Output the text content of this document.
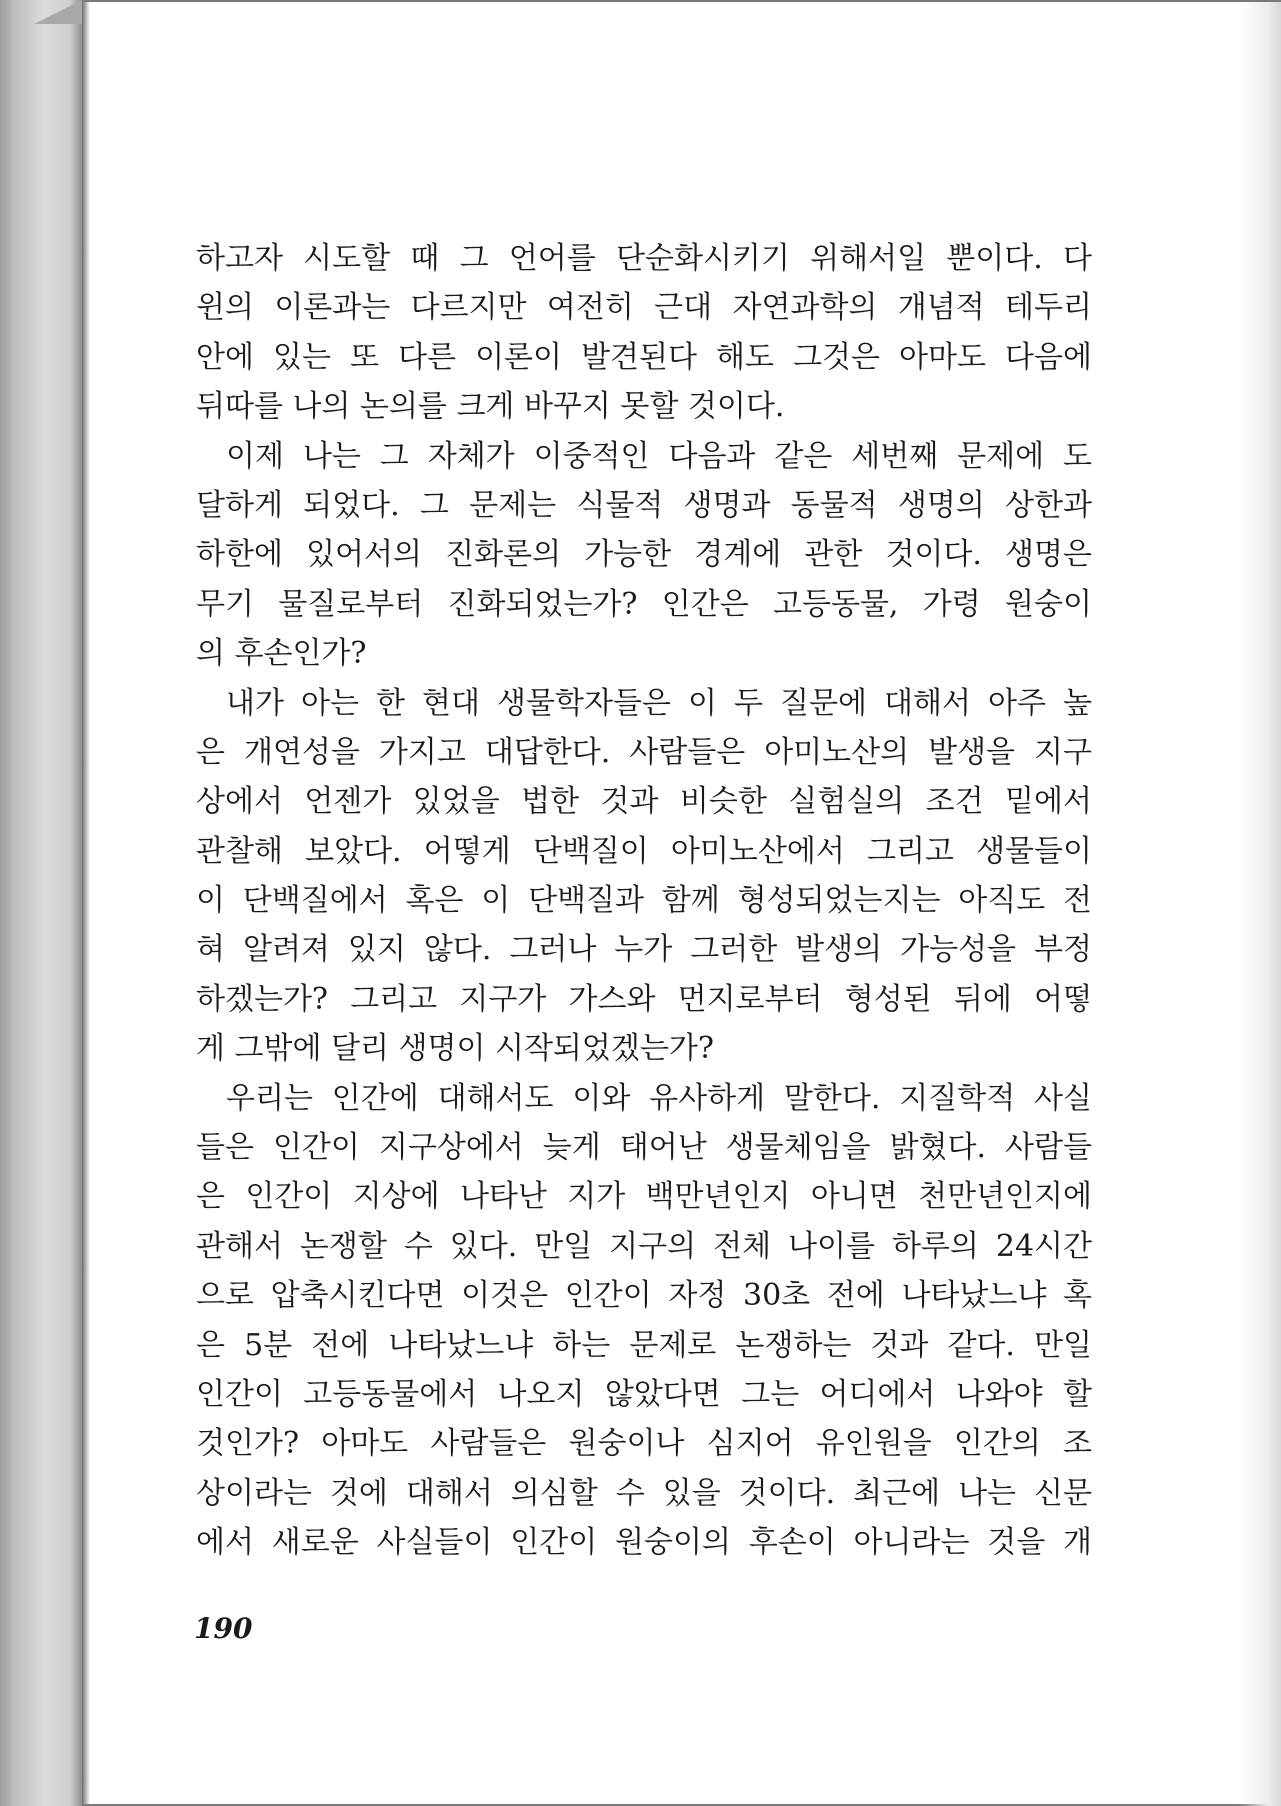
하고자 시도할 때 그 언어를 단순화시키기 위해서일 뿐이다. 다
윈의 이론과는 다르지만 여전히 근대 자연과학의 개념적 테두리
안에 있는 또 다른 이론이 발견된다 해도 그것은 아마도 다음에
뒤따를 나의 논의를 크게 바꾸지 못할 것이다.
이제 나는 그 자체가 이중적인 다음과 같은 세번째 문제에 도
달하게 되었다. 그 문제는 식물적 생명과 동물적 생명의 상한과
하한에 있어서의 진화론의 가능한 경계에 관한 것이다. 생명은
무기 물질로부터 진화되었는가? 인간은 고등동물, 가령 원숭이
의 후손인가?
내가 아는 한 현대 생물학자들은 이 두 질문에 대해서 아주 높
은 개연성을 가지고 대답한다. 사람들은 아미노산의 발생을 지구
상에서 언젠가 있었을 법한 것과 비슷한 실험실의 조건 밑에서
관찰해 보았다. 어떻게 단백질이 아미노산에서 그리고 생물들이
이 단백질에서 혹은 이 단백질과 함께 형성되었는지는 아직도 전
혀 알려져 있지 않다. 그러나 누가 그러한 발생의 가능성을 부정
하겠는가? 그리고 지구가 가스와 먼지로부터 형성된 뒤에 어떻
게 그밖에 달리 생명이 시작되었겠는가?
우리는 인간에 대해서도 이와 유사하게 말한다. 지질학적 사실
들은 인간이 지구상에서 늦게 태어난 생물체임을 밝혔다. 사람들
은 인간이 지상에 나타난 지가 백만년인지 아니면 천만년인지에
관해서 논쟁할 수 있다. 만일 지구의 전체 나이를 하루의 24시간
으로 압축시킨다면 이것은 인간이 자정 30초 전에 나타났느냐 혹
은 5분 전에 나타났느냐 하는 문제로 논쟁하는 것과 같다. 만일
인간이 고등동물에서 나오지 않았다면 그는 어디에서 나와야 할
것인가? 아마도 사람들은 원숭이나 심지어 유인원을 인간의 조
상이라는 것에 대해서 의심할 수 있을 것이다. 최근에 나는 신문
에서 새로운 사실들이 인간이 원숭이의 후손이 아니라는 것을 개
190
